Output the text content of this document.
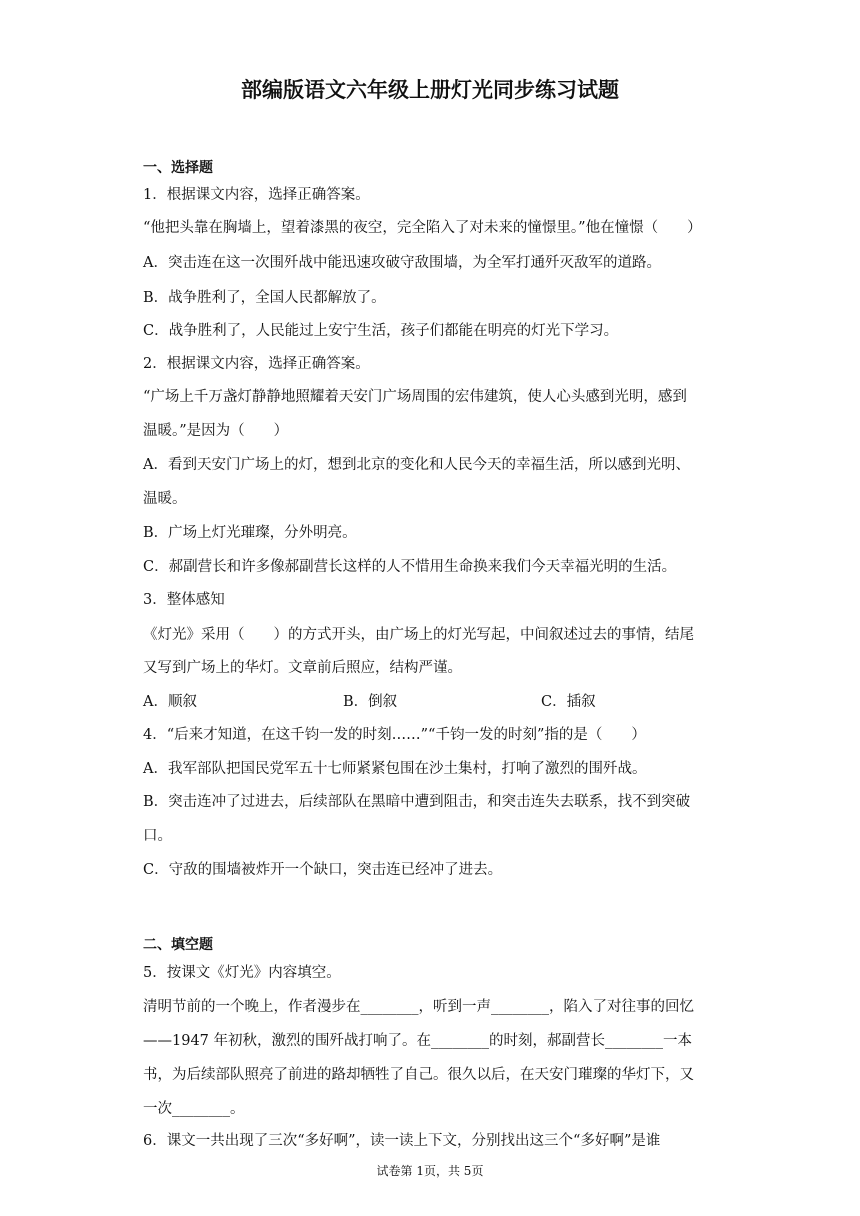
部编版语文六年级上册灯光同步练习试题
一、选择题
1．根据课文内容，选择正确答案。
“他把头靠在胸墙上，望着漆黑的夜空，完全陷入了对未来的憧憬里。”他在憧憬（　　）
A．突击连在这一次围歼战中能迅速攻破守敌围墙，为全军打通歼灭敌军的道路。
B．战争胜利了，全国人民都解放了。
C．战争胜利了，人民能过上安宁生活，孩子们都能在明亮的灯光下学习。
2．根据课文内容，选择正确答案。
“广场上千万盏灯静静地照耀着天安门广场周围的宏伟建筑，使人心头感到光明，感到
温暖。”是因为（　　）
A．看到天安门广场上的灯，想到北京的变化和人民今天的幸福生活，所以感到光明、
温暖。
B．广场上灯光璀璨，分外明亮。
C．郝副营长和许多像郝副营长这样的人不惜用生命换来我们今天幸福光明的生活。
3．整体感知
《灯光》采用（　　）的方式开头，由广场上的灯光写起，中间叙述过去的事情，结尾
又写到广场上的华灯。文章前后照应，结构严谨。
A．顺叙	B．倒叙	C．插叙
4．“后来才知道，在这千钧一发的时刻……”“千钧一发的时刻”指的是（　　）
A．我军部队把国民党军五十七师紧紧包围在沙土集村，打响了激烈的围歼战。
B．突击连冲了过进去，后续部队在黑暗中遭到阻击，和突击连失去联系，找不到突破
口。
C．守敌的围墙被炸开一个缺口，突击连已经冲了进去。
二、填空题
5．按课文《灯光》内容填空。
清明节前的一个晚上，作者漫步在________，听到一声________，陷入了对往事的回忆
——1947 年初秋，激烈的围歼战打响了。在________的时刻，郝副营长________一本
书，为后续部队照亮了前进的路却牺牲了自己。很久以后，在天安门璀璨的华灯下，又
一次________。
6．课文一共出现了三次“多好啊”，读一读上下文，分别找出这三个“多好啊”是谁
试卷第 1页，共 5页
